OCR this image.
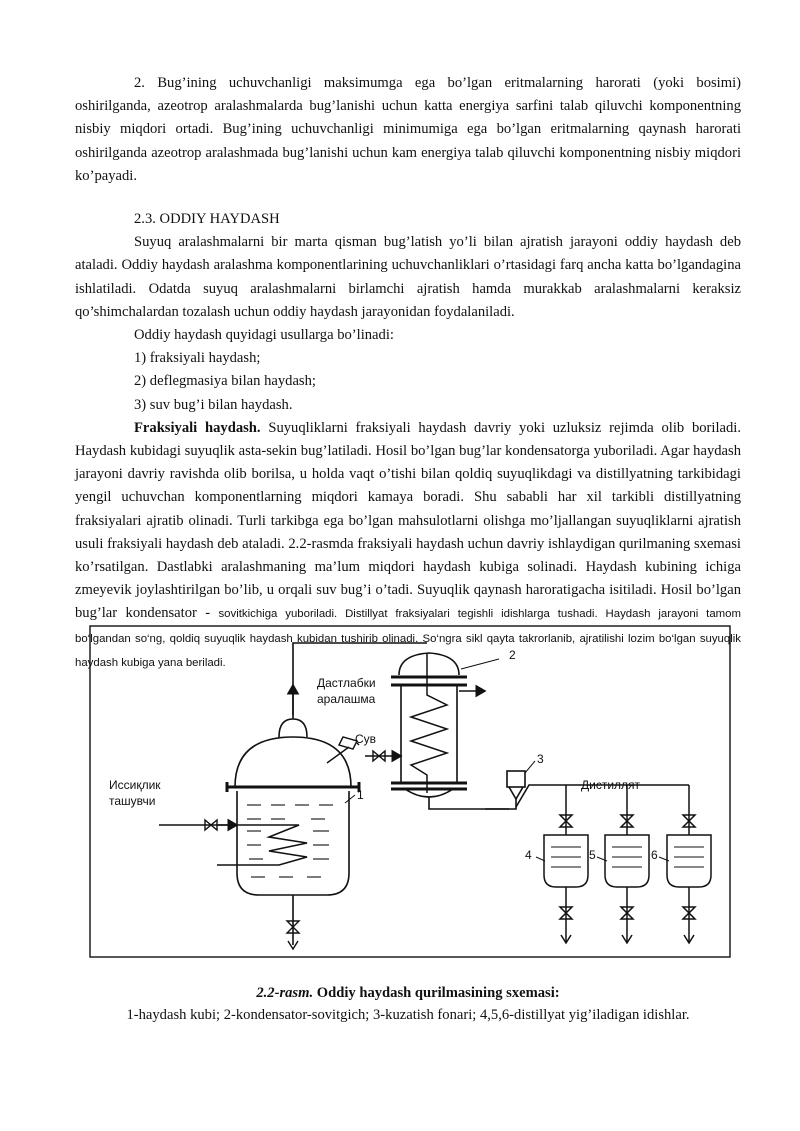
2. Bug’ining uchuvchanligi maksimumga ega bo’lgan eritmalarning harorati (yoki bosimi) oshirilganda, azeotrop aralashmalarda bug’lanishi uchun katta energiya sarfini talab qiluvchi komponentning nisbiy miqdori ortadi. Bug’ining uchuvchanligi minimumiga ega bo’lgan eritmalarning qaynash harorati oshirilganda azeotrop aralashmada bug’lanishi uchun kam energiya talab qiluvchi komponentning nisbiy miqdori ko’payadi.

2.3. ODDIY HAYDASH

Suyuq aralashmalarni bir marta qisman bug’latish yo’li bilan ajratish jarayoni oddiy haydash deb ataladi. Oddiy haydash aralashma komponentlarining uchuvchanliklari o’rtasidagi farq ancha katta bo’lgandagina ishlatiladi. Odatda suyuq aralashmalarni birlamchi ajratish hamda murakkab aralashmalarni keraksiz qo’shimchalardan tozalash uchun oddiy haydash jarayonidan foydalaniladi.

Oddiy haydash quyidagi usullarga bo’linadi:

1) fraksiyali haydash;

2) deflegmasiya bilan haydash;

3) suv bug’i bilan haydash.

Fraksiyali haydash. Suyuqliklarni fraksiyali haydash davriy yoki uzluksiz rejimda olib boriladi. Haydash kubidagi suyuqlik asta-sekin bug’latiladi. Hosil bo’lgan bug’lar kondensatorga yuboriladi. Agar haydash jarayoni davriy ravishda olib borilsa, u holda vaqt o’tishi bilan qoldiq suyuqlikdagi va distillyatning tarkibidagi yengil uchuvchan komponentlarning miqdori kamaya boradi. Shu sababli har xil tarkibli distillyatning fraksiyalari ajratib olinadi. Turli tarkibga ega bo’lgan mahsulotlarni olishga mo’ljallangan suyuqliklarni ajratish usuli fraksiyali haydash deb ataladi. 2.2-rasmda fraksiyali haydash uchun davriy ishlaydigan qurilmaning sxemasi ko’rsatilgan. Dastlabki aralashmaning ma’lum miqdori haydash kubiga solinadi. Haydash kubining ichiga zmeyevik joylashtirilgan bo’lib, u orqali suv bug’i o’tadi. Suyuqlik qaynash haroratigacha isitiladi. Hosil bo’lgan bug’lar kondensator - sovitkichiga yuboriladi. Distillyat fraksiyalari tegishli idishlarga tushadi. Haydash jarayoni tamom bo‘lgandan so‘ng, qoldiq suyuqlik haydash kubidan tushirib olinadi. So‘ngra sikl qayta takrorlanib, ajratilishi lozim bo‘lgan suyuqlik haydash kubiga yana beriladi.

Дастлабки
аралашма
Сув
Иссиқлик
ташувчи
Дистиллят
1
2
3
4	5	6
2.2-rasm. Oddiy haydash qurilmasining sxemasi:
1-haydash kubi; 2-kondensator-sovitgich; 3-kuzatish fonari; 4,5,6-distillyat yig’iladigan idishlar.
